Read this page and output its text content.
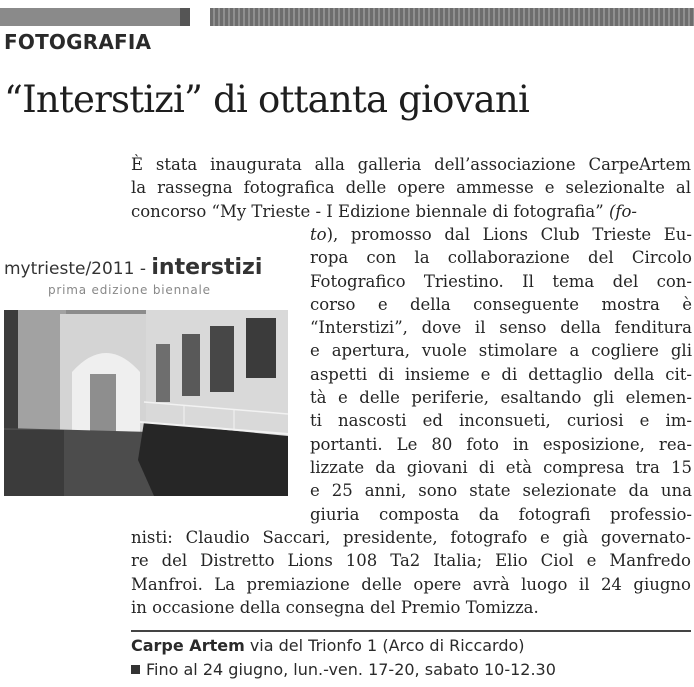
FOTOGRAFIA
“Interstizi” di ottanta giovani

È stata inaugurata alla galleria dell’associazione CarpeArtem
la rassegna fotografica delle opere ammesse e selezionalte al
concorso “My Trieste - I Edizione biennale di fotografia” (fo-

to), promosso dal Lions Club Trieste Eu-
ropa con la collaborazione del Circolo
Fotografico Triestino. Il tema del con-
corso e della conseguente mostra è
“Interstizi”, dove il senso della fenditura
e apertura, vuole stimolare a cogliere gli
aspetti di insieme e di dettaglio della cit-
tà e delle periferie, esaltando gli elemen-
ti nascosti ed inconsueti, curiosi e im-
portanti. Le 80 foto in esposizione, rea-
lizzate da giovani di età compresa tra 15
e 25 anni, sono state selezionate da una
giuria composta da fotografi professio-

nisti: Claudio Saccari, presidente, fotografo e già governato-
re del Distretto Lions 108 Ta2 Italia; Elio Ciol e Manfredo
Manfroi. La premiazione delle opere avrà luogo il 24 giugno
in occasione della consegna del Premio Tomizza.

mytrieste/2011 - interstizi

prima edizione biennale

Carpe Artem via del Trionfo 1 (Arco di Riccardo)

Fino al 24 giugno, lun.-ven. 17-20, sabato 10-12.30
